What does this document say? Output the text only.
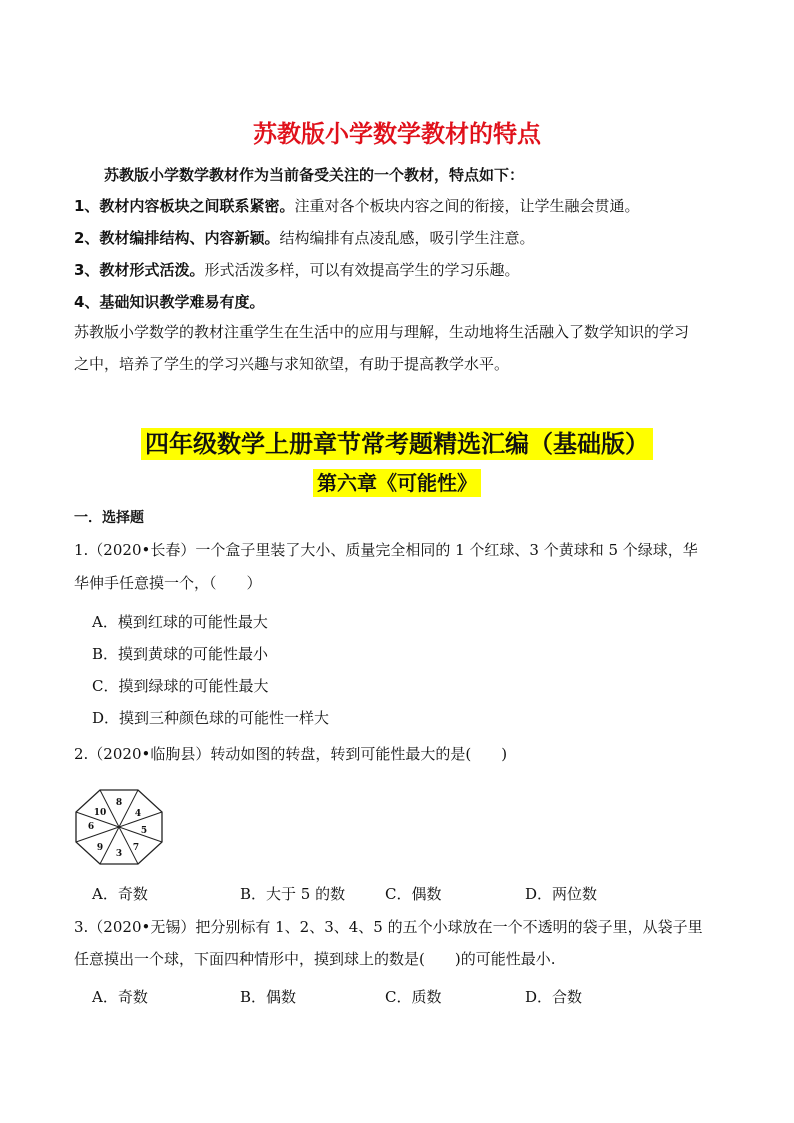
苏教版小学数学教材的特点
苏教版小学数学教材作为当前备受关注的一个教材，特点如下：
1、教材内容板块之间联系紧密。注重对各个板块内容之间的衔接，让学生融会贯通。
2、教材编排结构、内容新颖。结构编排有点凌乱感，吸引学生注意。
3、教材形式活泼。形式活泼多样，可以有效提高学生的学习乐趣。
4、基础知识教学难易有度。
苏教版小学数学的教材注重学生在生活中的应用与理解，生动地将生活融入了数学知识的学习
之中，培养了学生的学习兴趣与求知欲望，有助于提高教学水平。
四年级数学上册章节常考题精选汇编（基础版）
第六章《可能性》
一．选择题
1.（2020•长春）一个盒子里装了大小、质量完全相同的 1 个红球、3 个黄球和 5 个绿球，华
华伸手任意摸一个，（　　）
A．模到红球的可能性最大
B．摸到黄球的可能性最小
C．摸到绿球的可能性最大
D．摸到三种颜色球的可能性一样大
2.（2020•临朐县）转动如图的转盘，转到可能性最大的是(　　)
8
4
5
7
3
9
6
10
A．奇数	B．大于 5 的数	C．偶数	D．两位数
3.（2020•无锡）把分别标有 1、2、3、4、5 的五个小球放在一个不透明的袋子里，从袋子里
任意摸出一个球，下面四种情形中，摸到球上的数是(　　)的可能性最小.
A．奇数	B．偶数	C．质数	D．合数
